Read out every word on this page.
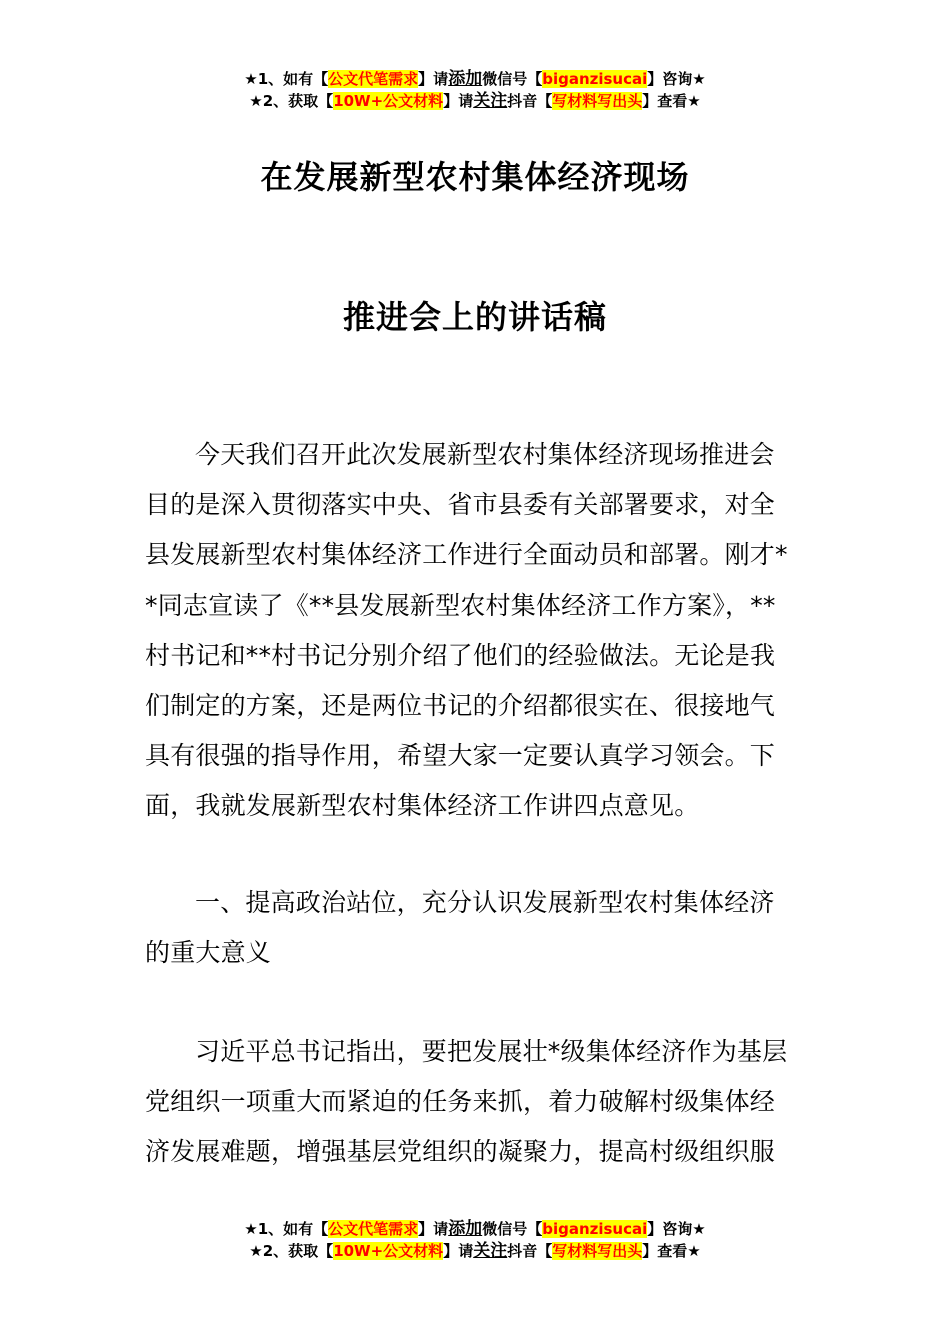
★1、如有【公文代笔需求】请添加微信号【biganzisucai】咨询★
★2、获取【10W+公文材料】请关注抖音【写材料写出头】查看★
在发展新型农村集体经济现场
推进会上的讲话稿
今天我们召开此次发展新型农村集体经济现场推进会
目的是深入贯彻落实中央、省市县委有关部署要求，对全
县发展新型农村集体经济工作进行全面动员和部署。刚才*
*同志宣读了《**县发展新型农村集体经济工作方案》，**
村书记和**村书记分别介绍了他们的经验做法。无论是我
们制定的方案，还是两位书记的介绍都很实在、很接地气
具有很强的指导作用，希望大家一定要认真学习领会。下
面，我就发展新型农村集体经济工作讲四点意见。
一、提高政治站位，充分认识发展新型农村集体经济
的重大意义
习近平总书记指出，要把发展壮*级集体经济作为基层
党组织一项重大而紧迫的任务来抓，着力破解村级集体经
济发展难题，增强基层党组织的凝聚力，提高村级组织服
★1、如有【公文代笔需求】请添加微信号【biganzisucai】咨询★
★2、获取【10W+公文材料】请关注抖音【写材料写出头】查看★
